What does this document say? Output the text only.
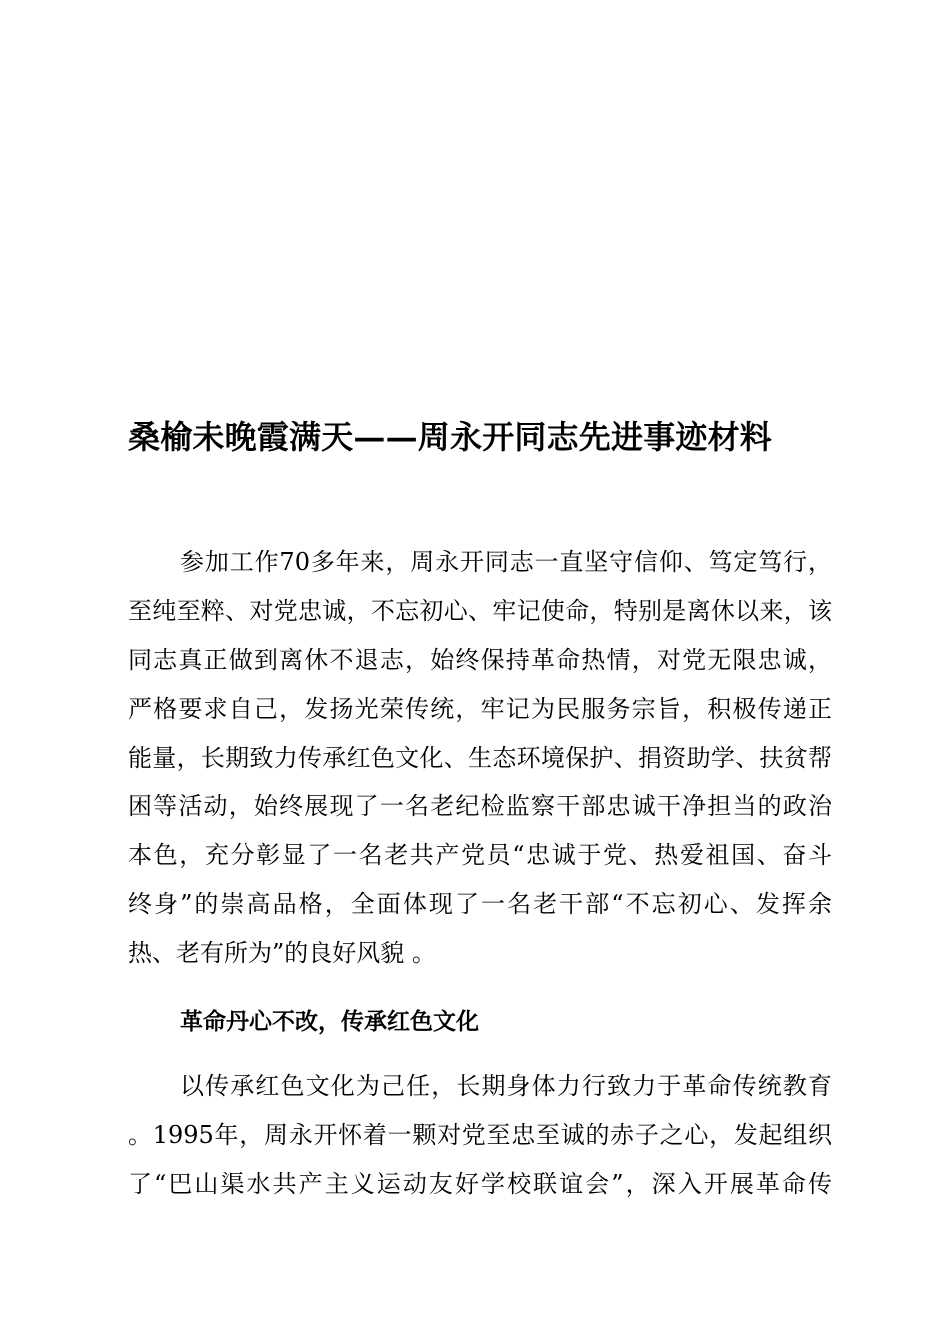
桑榆未晚霞满天——周永开同志先进事迹材料
参加工作70多年来，周永开同志一直坚守信仰、笃定笃行，
至纯至粹、对党忠诚，不忘初心、牢记使命，特别是离休以来，该
同志真正做到离休不退志，始终保持革命热情，对党无限忠诚，
严格要求自己，发扬光荣传统，牢记为民服务宗旨，积极传递正
能量，长期致力传承红色文化、生态环境保护、捐资助学、扶贫帮
困等活动，始终展现了一名老纪检监察干部忠诚干净担当的政治
本色，充分彰显了一名老共产党员“忠诚于党、热爱祖国、奋斗
终身”的崇高品格，全面体现了一名老干部“不忘初心、发挥余
热、老有所为”的良好风貌 。
革命丹心不改，传承红色文化
以传承红色文化为己任，长期身体力行致力于革命传统教育
。1995年，周永开怀着一颗对党至忠至诚的赤子之心，发起组织
了“巴山渠水共产主义运动友好学校联谊会”，深入开展革命传
